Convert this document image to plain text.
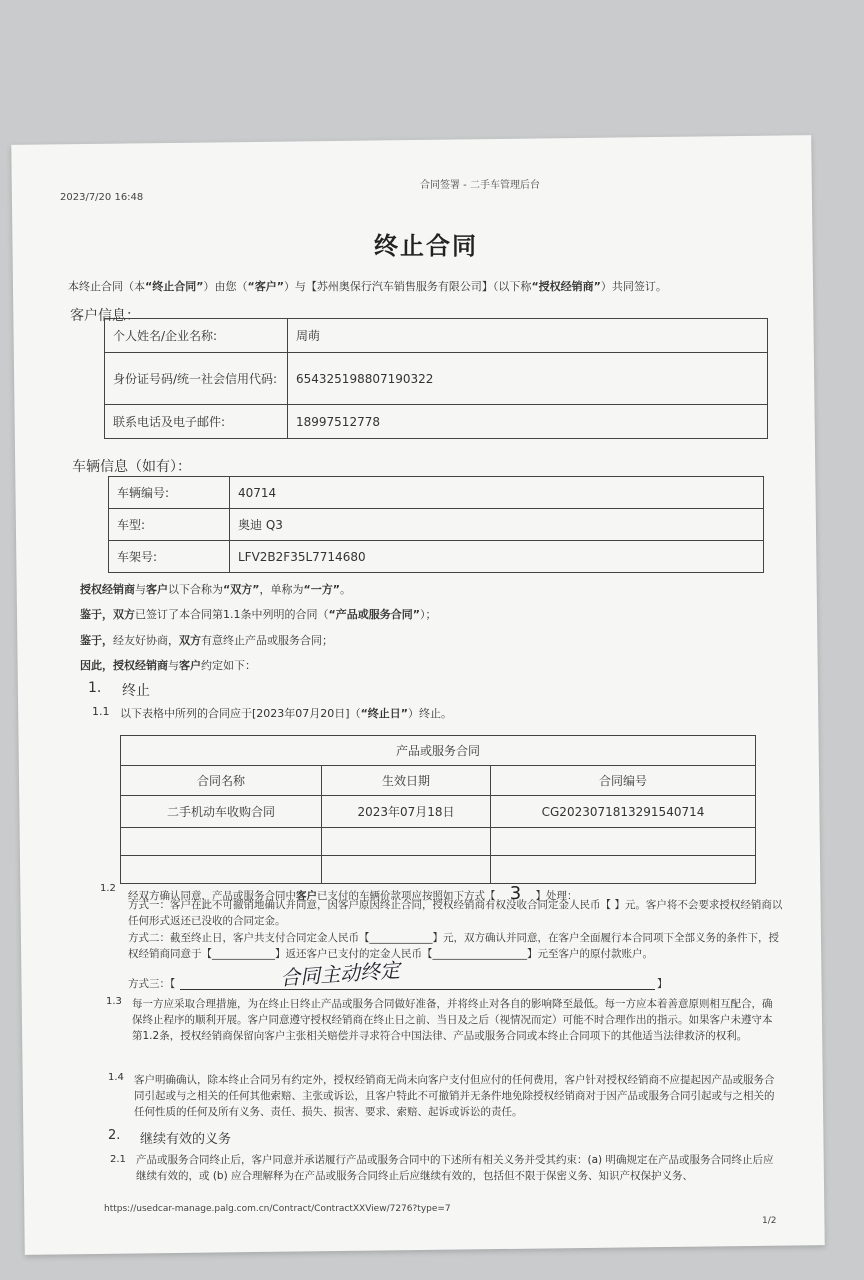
2023/7/20 16:48
合同签署 - 二手车管理后台
终止合同
本终止合同（本“终止合同”）由您（“客户”）与【苏州奥保行汽车销售服务有限公司】（以下称“授权经销商”）共同签订。
客户信息：
个人姓名/企业名称:	周萌
身份证号码/统一社会信用代码:	654325198807190322
联系电话及电子邮件:	18997512778
车辆信息（如有）：
车辆编号:	40714
车型:	奥迪 Q3
车架号:	LFV2B2F35L7714680
授权经销商与客户以下合称为“双方”，单称为“一方”。
鉴于，双方已签订了本合同第1.1条中列明的合同（“产品或服务合同”）；
鉴于，经友好协商，双方有意终止产品或服务合同；
因此，授权经销商与客户约定如下：
1. 终止
1.1 以下表格中所列的合同应于[2023年07月20日]（“终止日”）终止。
产品或服务合同		
合同名称	生效日期	合同编号
二手机动车收购合同	2023年07月18日	CG2023071813291540714

1.2
经双方确认同意，产品或服务合同中客户已支付的车辆价款项应按照如下方式【 3 】处理：
方式一：客户在此不可撤销地确认并同意，因客户原因终止合同，授权经销商有权没收合同定金人民币【 】元。客户将不会要求授权经销商以任何形式返还已没收的合同定金。
方式二：截至终止日，客户共支付合同定金人民币【____________】元，双方确认并同意，在客户全面履行本合同项下全部义务的条件下，授权经销商同意于【____________】返还客户已支付的定金人民币【__________________】元至客户的原付款账户。
方式三：【	】
合同主动终定
1.3 每一方应采取合理措施，为在终止日终止产品或服务合同做好准备，并将终止对各自的影响降至最低。每一方应本着善意原则相互配合，确保终止程序的顺利开展。客户同意遵守授权经销商在终止日之前、当日及之后（视情况而定）可能不时合理作出的指示。如果客户未遵守本第1.2条，授权经销商保留向客户主张相关赔偿并寻求符合中国法律、产品或服务合同或本终止合同项下的其他适当法律救济的权利。
1.4 客户明确确认，除本终止合同另有约定外，授权经销商无尚未向客户支付但应付的任何费用，客户针对授权经销商不应提起因产品或服务合同引起或与之相关的任何其他索赔、主张或诉讼，且客户特此不可撤销并无条件地免除授权经销商对于因产品或服务合同引起或与之相关的任何性质的任何及所有义务、责任、损失、损害、要求、索赔、起诉或诉讼的责任。
2. 继续有效的义务
2.1 产品或服务合同终止后，客户同意并承诺履行产品或服务合同中的下述所有相关义务并受其约束：(a) 明确规定在产品或服务合同终止后应继续有效的，或 (b) 应合理解释为在产品或服务合同终止后应继续有效的，包括但不限于保密义务、知识产权保护义务、
https://usedcar-manage.palg.com.cn/Contract/ContractXXView/7276?type=7
1/2
